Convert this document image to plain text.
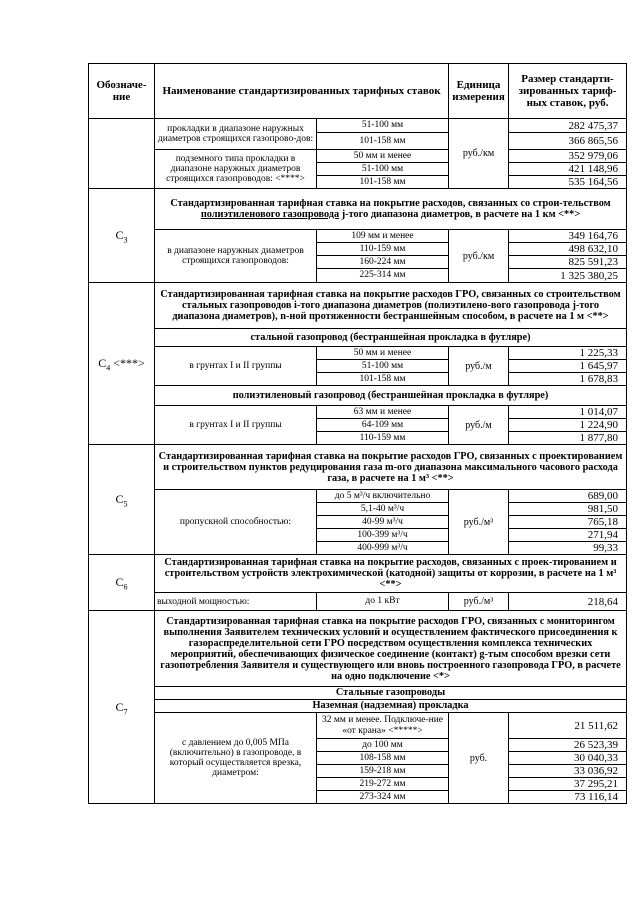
Обозначе-ние	Наименование стандартизированных тарифных ставок		Единица измерения	Размер стандарти-зированных тариф-ных ставок, руб.
	прокладки в диапазоне наружных диаметров строящихся газопрово-дов:	51-100 мм	руб./км	282 475,37
		101-158 мм		366 865,56
	подземного типа прокладки в диапазоне наружных диаметров строящихся газопроводов: <****>	50 мм и менее		352 979,06
		51-100 мм		421 148,96
		101-158 мм		535 164,56
$C_3$	Стандартизированная тарифная ставка на покрытие расходов, связанных со строи-тельством полиэтиленового газопровода j-того диапазона диаметров, в расчете на 1 км <**>			
	в диапазоне наружных диаметров строящихся газопроводов:	109 мм и менее	руб./км	349 164,76
		110-159 мм		498 632,10
		160-224 мм		825 591,23
		225-314 мм		1 325 380,25
$C_4$ <***>	Стандартизированная тарифная ставка на покрытие расходов ГРО, связанных со строительством стальных газопроводов i-того диапазона диаметров (полиэтилено-вого газопровода j-того диапазона диаметров), n-ной протяженности бестраншейным способом, в расчете на 1 м <**>			
	стальной газопровод (бестраншейная прокладка в футляре)			
	в грунтах I и II группы	50 мм и менее	руб./м	1 225,33
		51-100 мм		1 645,97
		101-158 мм		1 678,83
	полиэтиленовый газопровод (бестраншейная прокладка в футляре)			
	в грунтах I и II группы	63 мм и менее	руб./м	1 014,07
		64-109 мм		1 224,90
		110-159 мм		1 877,80
$C_5$	Стандартизированная тарифная ставка на покрытие расходов ГРО, связанных с проектированием и строительством пунктов редуцирования газа m-ого диапазона максимального часового расхода газа, в расчете на 1 м³ <**>			
	пропускной способностью:	до 5 м³/ч включительно	руб./м³	689,00
		5,1-40 м³/ч		981,50
		40-99 м³/ч		765,18
		100-399 м³/ч		271,94
		400-999 м³/ч		99,33
$C_6$	Стандартизированная тарифная ставка на покрытие расходов, связанных с проек-тированием и строительством устройств электрохимической (катодной) защиты от коррозии, в расчете на 1 м³ <**>			
	выходной мощностью:	до 1 кВт	руб./м³	218,64
$C_7$	Стандартизированная тарифная ставка на покрытие расходов ГРО, связанных с мониторингом выполнения Заявителем технических условий и осуществлением фактического присоединения к газораспределительной сети ГРО посредством осуществления комплекса технических мероприятий, обеспечивающих физическое соединение (контакт) g-тым способом врезки сети газопотребления Заявителя и существующего или вновь построенного газопровода ГРО, в расчете на одно подключение <*>			
	Стальные газопроводы			
	Наземная (надземная) прокладка			
	с давлением до 0,005 МПа (включительно) в газопроводе, в который осуществляется врезка, диаметром:	32 мм и менее. Подключе-ние «от крана» <*****>	руб.	21 511,62
		до 100 мм		26 523,39
		108-158 мм		30 040,33
		159-218 мм		33 036,92
		219-272 мм		37 295,21
		273-324 мм		73 116,14
